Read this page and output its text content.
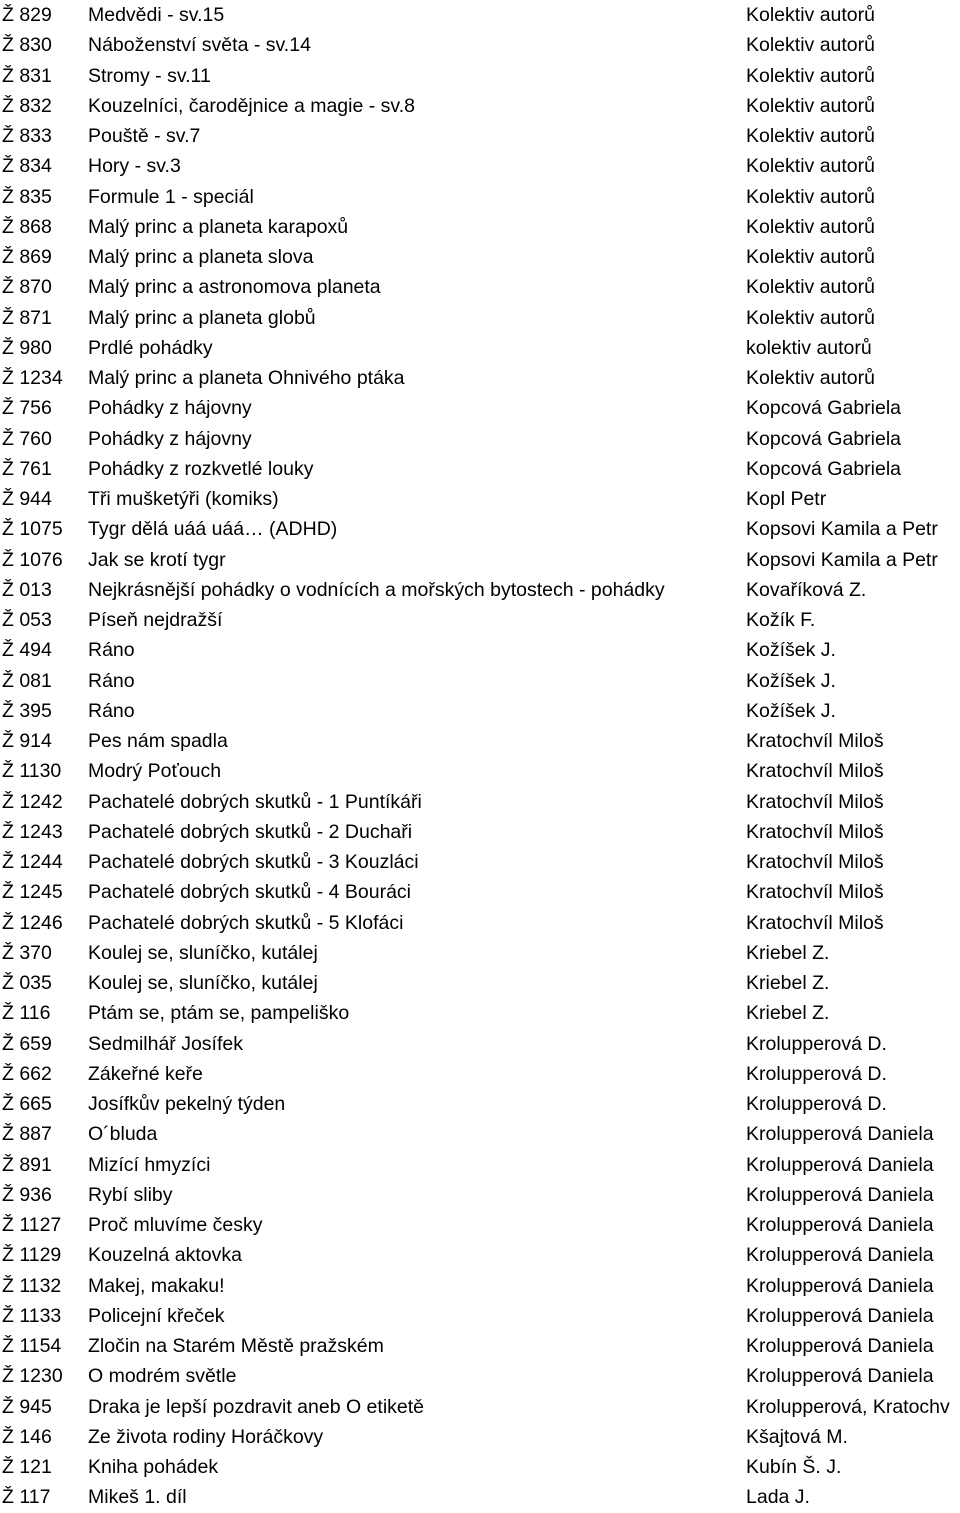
Ž 829 Medvědi - sv.15	Kolektiv autorů
Ž 830 Náboženství světa - sv.14	Kolektiv autorů
Ž 831 Stromy - sv.11	Kolektiv autorů
Ž 832 Kouzelníci, čarodějnice a magie - sv.8	Kolektiv autorů
Ž 833 Pouště - sv.7	Kolektiv autorů
Ž 834 Hory - sv.3	Kolektiv autorů
Ž 835 Formule 1 - speciál	Kolektiv autorů
Ž 868 Malý princ a planeta karapoxů	Kolektiv autorů
Ž 869 Malý princ a planeta slova	Kolektiv autorů
Ž 870 Malý princ a astronomova planeta	Kolektiv autorů
Ž 871 Malý princ a planeta globů	Kolektiv autorů
Ž 980 Prdlé pohádky	kolektiv autorů
Ž 1234 Malý princ a planeta Ohnivého ptáka	Kolektiv autorů
Ž 756 Pohádky z hájovny	Kopcová Gabriela
Ž 760 Pohádky z hájovny	Kopcová Gabriela
Ž 761 Pohádky z rozkvetlé louky	Kopcová Gabriela
Ž 944 Tři mušketýři (komiks)	Kopl Petr
Ž 1075 Tygr dělá uáá uáá… (ADHD)	Kopsovi Kamila a Petr
Ž 1076 Jak se krotí tygr	Kopsovi Kamila a Petr
Ž 013 Nejkrásnější pohádky o vodnících a mořských bytostech - pohádky	Kovaříková Z.
Ž 053 Píseň nejdražší	Kožík F.
Ž 494 Ráno	Kožíšek J.
Ž 081 Ráno	Kožíšek J.
Ž 395 Ráno	Kožíšek J.
Ž 914 Pes nám spadla	Kratochvíl Miloš
Ž 1130 Modrý Poťouch	Kratochvíl Miloš
Ž 1242 Pachatelé dobrých skutků - 1 Puntíkáři	Kratochvíl Miloš
Ž 1243 Pachatelé dobrých skutků - 2 Duchaři	Kratochvíl Miloš
Ž 1244 Pachatelé dobrých skutků - 3 Kouzláci	Kratochvíl Miloš
Ž 1245 Pachatelé dobrých skutků - 4 Bouráci	Kratochvíl Miloš
Ž 1246 Pachatelé dobrých skutků - 5 Klofáci	Kratochvíl Miloš
Ž 370 Koulej se, sluníčko, kutálej	Kriebel Z.
Ž 035 Koulej se, sluníčko, kutálej	Kriebel Z.
Ž 116 Ptám se, ptám se, pampeliško	Kriebel Z.
Ž 659 Sedmilhář Josífek	Krolupperová D.
Ž 662 Zákeřné keře	Krolupperová D.
Ž 665 Josífkův pekelný týden	Krolupperová D.
Ž 887 O´bluda	Krolupperová Daniela
Ž 891 Mizící hmyzíci	Krolupperová Daniela
Ž 936 Rybí sliby	Krolupperová Daniela
Ž 1127 Proč mluvíme česky	Krolupperová Daniela
Ž 1129 Kouzelná aktovka	Krolupperová Daniela
Ž 1132 Makej, makaku!	Krolupperová Daniela
Ž 1133 Policejní křeček	Krolupperová Daniela
Ž 1154 Zločin na Starém Městě pražském	Krolupperová Daniela
Ž 1230 O modrém světle	Krolupperová Daniela
Ž 945 Draka je lepší pozdravit aneb O etiketě	Krolupperová, Kratochv
Ž 146 Ze života rodiny Horáčkovy	Kšajtová M.
Ž 121 Kniha pohádek	Kubín Š. J.
Ž 117 Mikeš 1. díl	Lada J.
